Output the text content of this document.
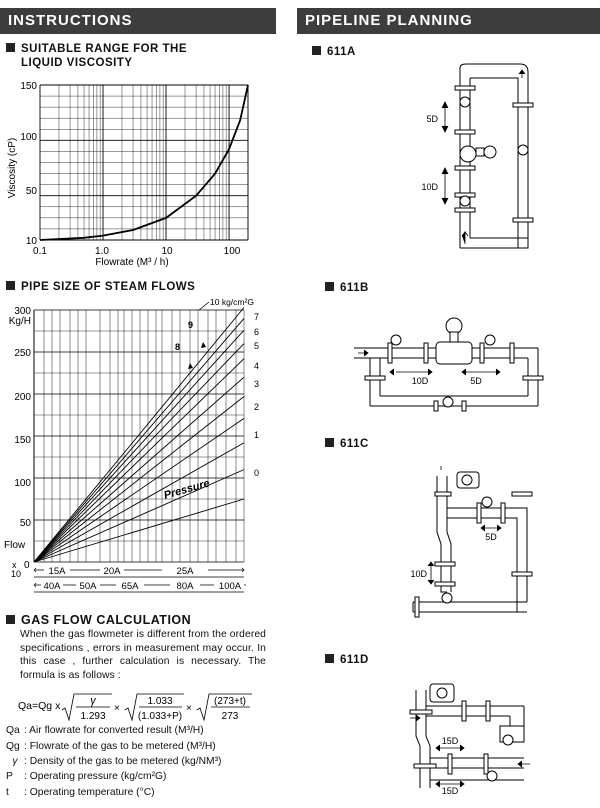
INSTRUCTIONS	PIPELINE PLANNING
SUITABLE RANGE FOR THE
LIQUID VISCOSITY
150
100
50
10
0.1	1.0	10	100
Flowrate (M³ / h)
Viscosity (cP)
PIPE SIZE OF STEAM FLOWS
300
Kg/H
250
200
150
100
50
Flow
0
x
10
10 kg/cm²G
9
8
7
6
5
4
3
2
1
0
Pressure
15A	20A	25A
40A 50A	65A	80A	100A
GAS FLOW CALCULATION
When the gas flowmeter is different from the ordered specifications , errors in measurement may occur. In this case , further calculation is necessary. The formula is as follows :
Qa=Qg x	γ
1.293
×
1.033
(1.033+P)
×
(273+t)
273
Qa : Air flowrate for converted result (M³/H)
Qg : Flowrate of the gas to be metered (M³/H)
γ : Density of the gas to be metered (kg/NM³)
P : Operating pressure (kg/cm²G)
t : Operating temperature (°C)
611A
5D
10D
611B
10D	5D
611C
5D
10D
611D
15D
15D
